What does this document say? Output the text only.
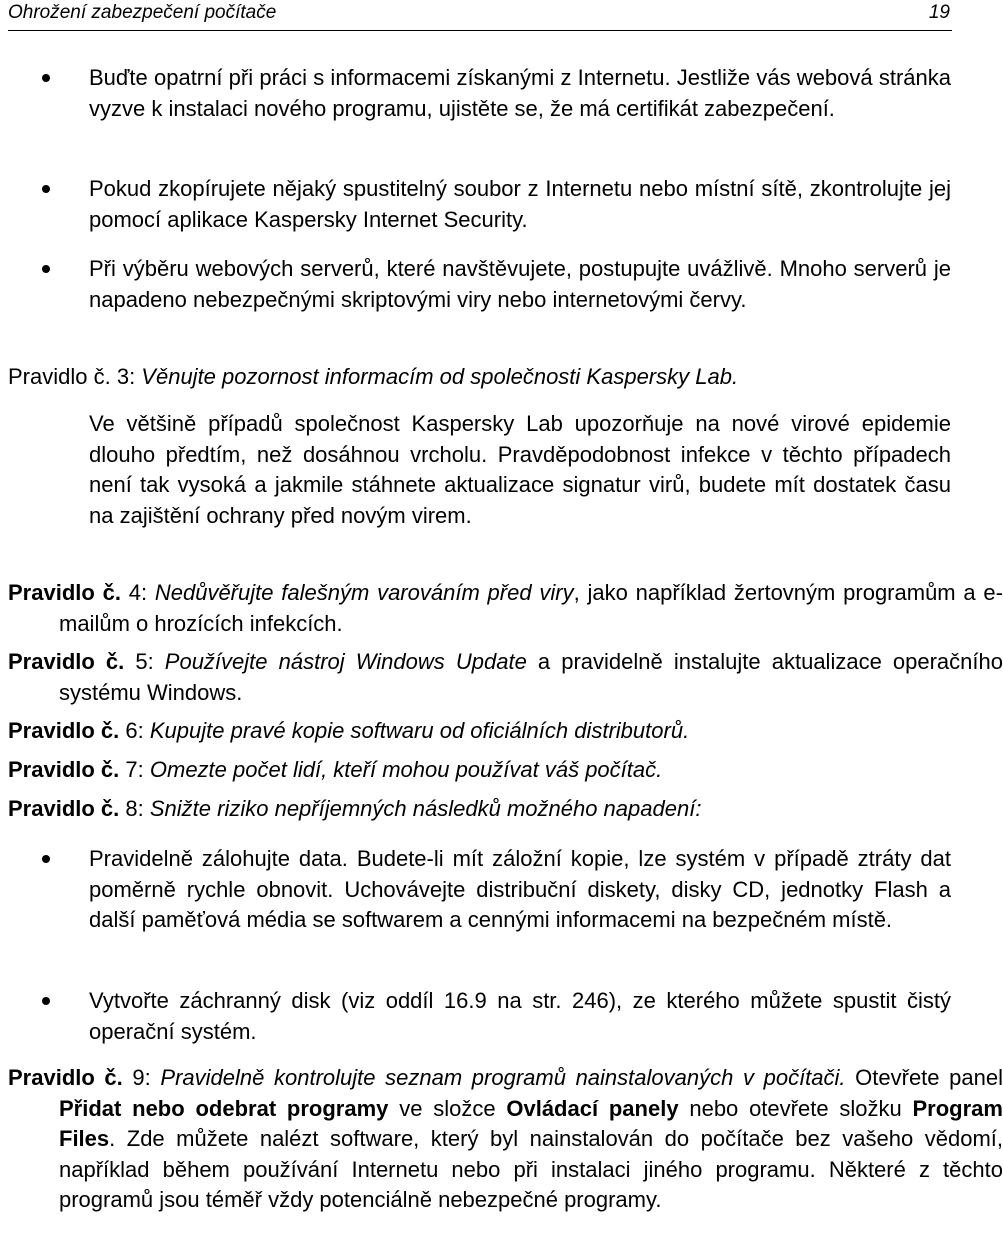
Ohrožení zabezpečení počítače	19
Buďte opatrní při práci s informacemi získanými z Internetu. Jestliže vás webová stránka vyzve k instalaci nového programu, ujistěte se, že má certifikát zabezpečení.
Pokud zkopírujete nějaký spustitelný soubor z Internetu nebo místní sítě, zkontrolujte jej pomocí aplikace Kaspersky Internet Security.
Při výběru webových serverů, které navštěvujete, postupujte uvážlivě. Mnoho serverů je napadeno nebezpečnými skriptovými viry nebo internetovými červy.
Pravidlo č. 3: Věnujte pozornost informacím od společnosti Kaspersky Lab.
Ve většině případů společnost Kaspersky Lab upozorňuje na nové virové epidemie dlouho předtím, než dosáhnou vrcholu. Pravděpodobnost infekce v těchto případech není tak vysoká a jakmile stáhnete aktualizace signatur virů, budete mít dostatek času na zajištění ochrany před novým virem.
Pravidlo č. 4: Nedůvěřujte falešným varováním před viry, jako například žertovným programům a e-mailům o hrozících infekcích.
Pravidlo č. 5: Používejte nástroj Windows Update a pravidelně instalujte aktualizace operačního systému Windows.
Pravidlo č. 6: Kupujte pravé kopie softwaru od oficiálních distributorů.
Pravidlo č. 7: Omezte počet lidí, kteří mohou používat váš počítač.
Pravidlo č. 8: Snižte riziko nepříjemných následků možného napadení:
Pravidelně zálohujte data. Budete-li mít záložní kopie, lze systém v případě ztráty dat poměrně rychle obnovit. Uchovávejte distribuční diskety, disky CD, jednotky Flash a další paměťová média se softwarem a cennými informacemi na bezpečném místě.
Vytvořte záchranný disk (viz oddíl 16.9 na str. 246), ze kterého můžete spustit čistý operační systém.
Pravidlo č. 9: Pravidelně kontrolujte seznam programů nainstalovaných v počítači. Otevřete panel Přidat nebo odebrat programy ve složce Ovládací panely nebo otevřete složku Program Files. Zde můžete nalézt software, který byl nainstalován do počítače bez vašeho vědomí, například během používání Internetu nebo při instalaci jiného programu. Některé z těchto programů jsou téměř vždy potenciálně nebezpečné programy.
